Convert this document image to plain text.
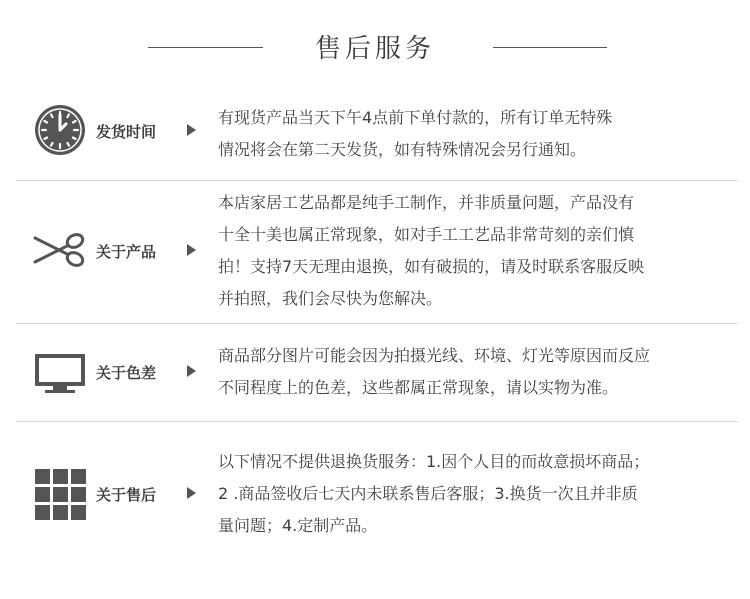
售后服务
发货时间
有现货产品当天下午4点前下单付款的，所有订单无特殊
情况将会在第二天发货，如有特殊情况会另行通知。
关于产品
本店家居工艺品都是纯手工制作，并非质量问题，产品没有
十全十美也属正常现象，如对手工工艺品非常苛刻的亲们慎
拍！支持7天无理由退换，如有破损的，请及时联系客服反映
并拍照，我们会尽快为您解决。
关于色差
商品部分图片可能会因为拍摄光线、环境、灯光等原因而反应
不同程度上的色差，这些都属正常现象，请以实物为准。
关于售后
以下情况不提供退换货服务：1.因个人目的而故意损坏商品；
2 .商品签收后七天内未联系售后客服；3.换货一次且并非质
量问题；4.定制产品。
